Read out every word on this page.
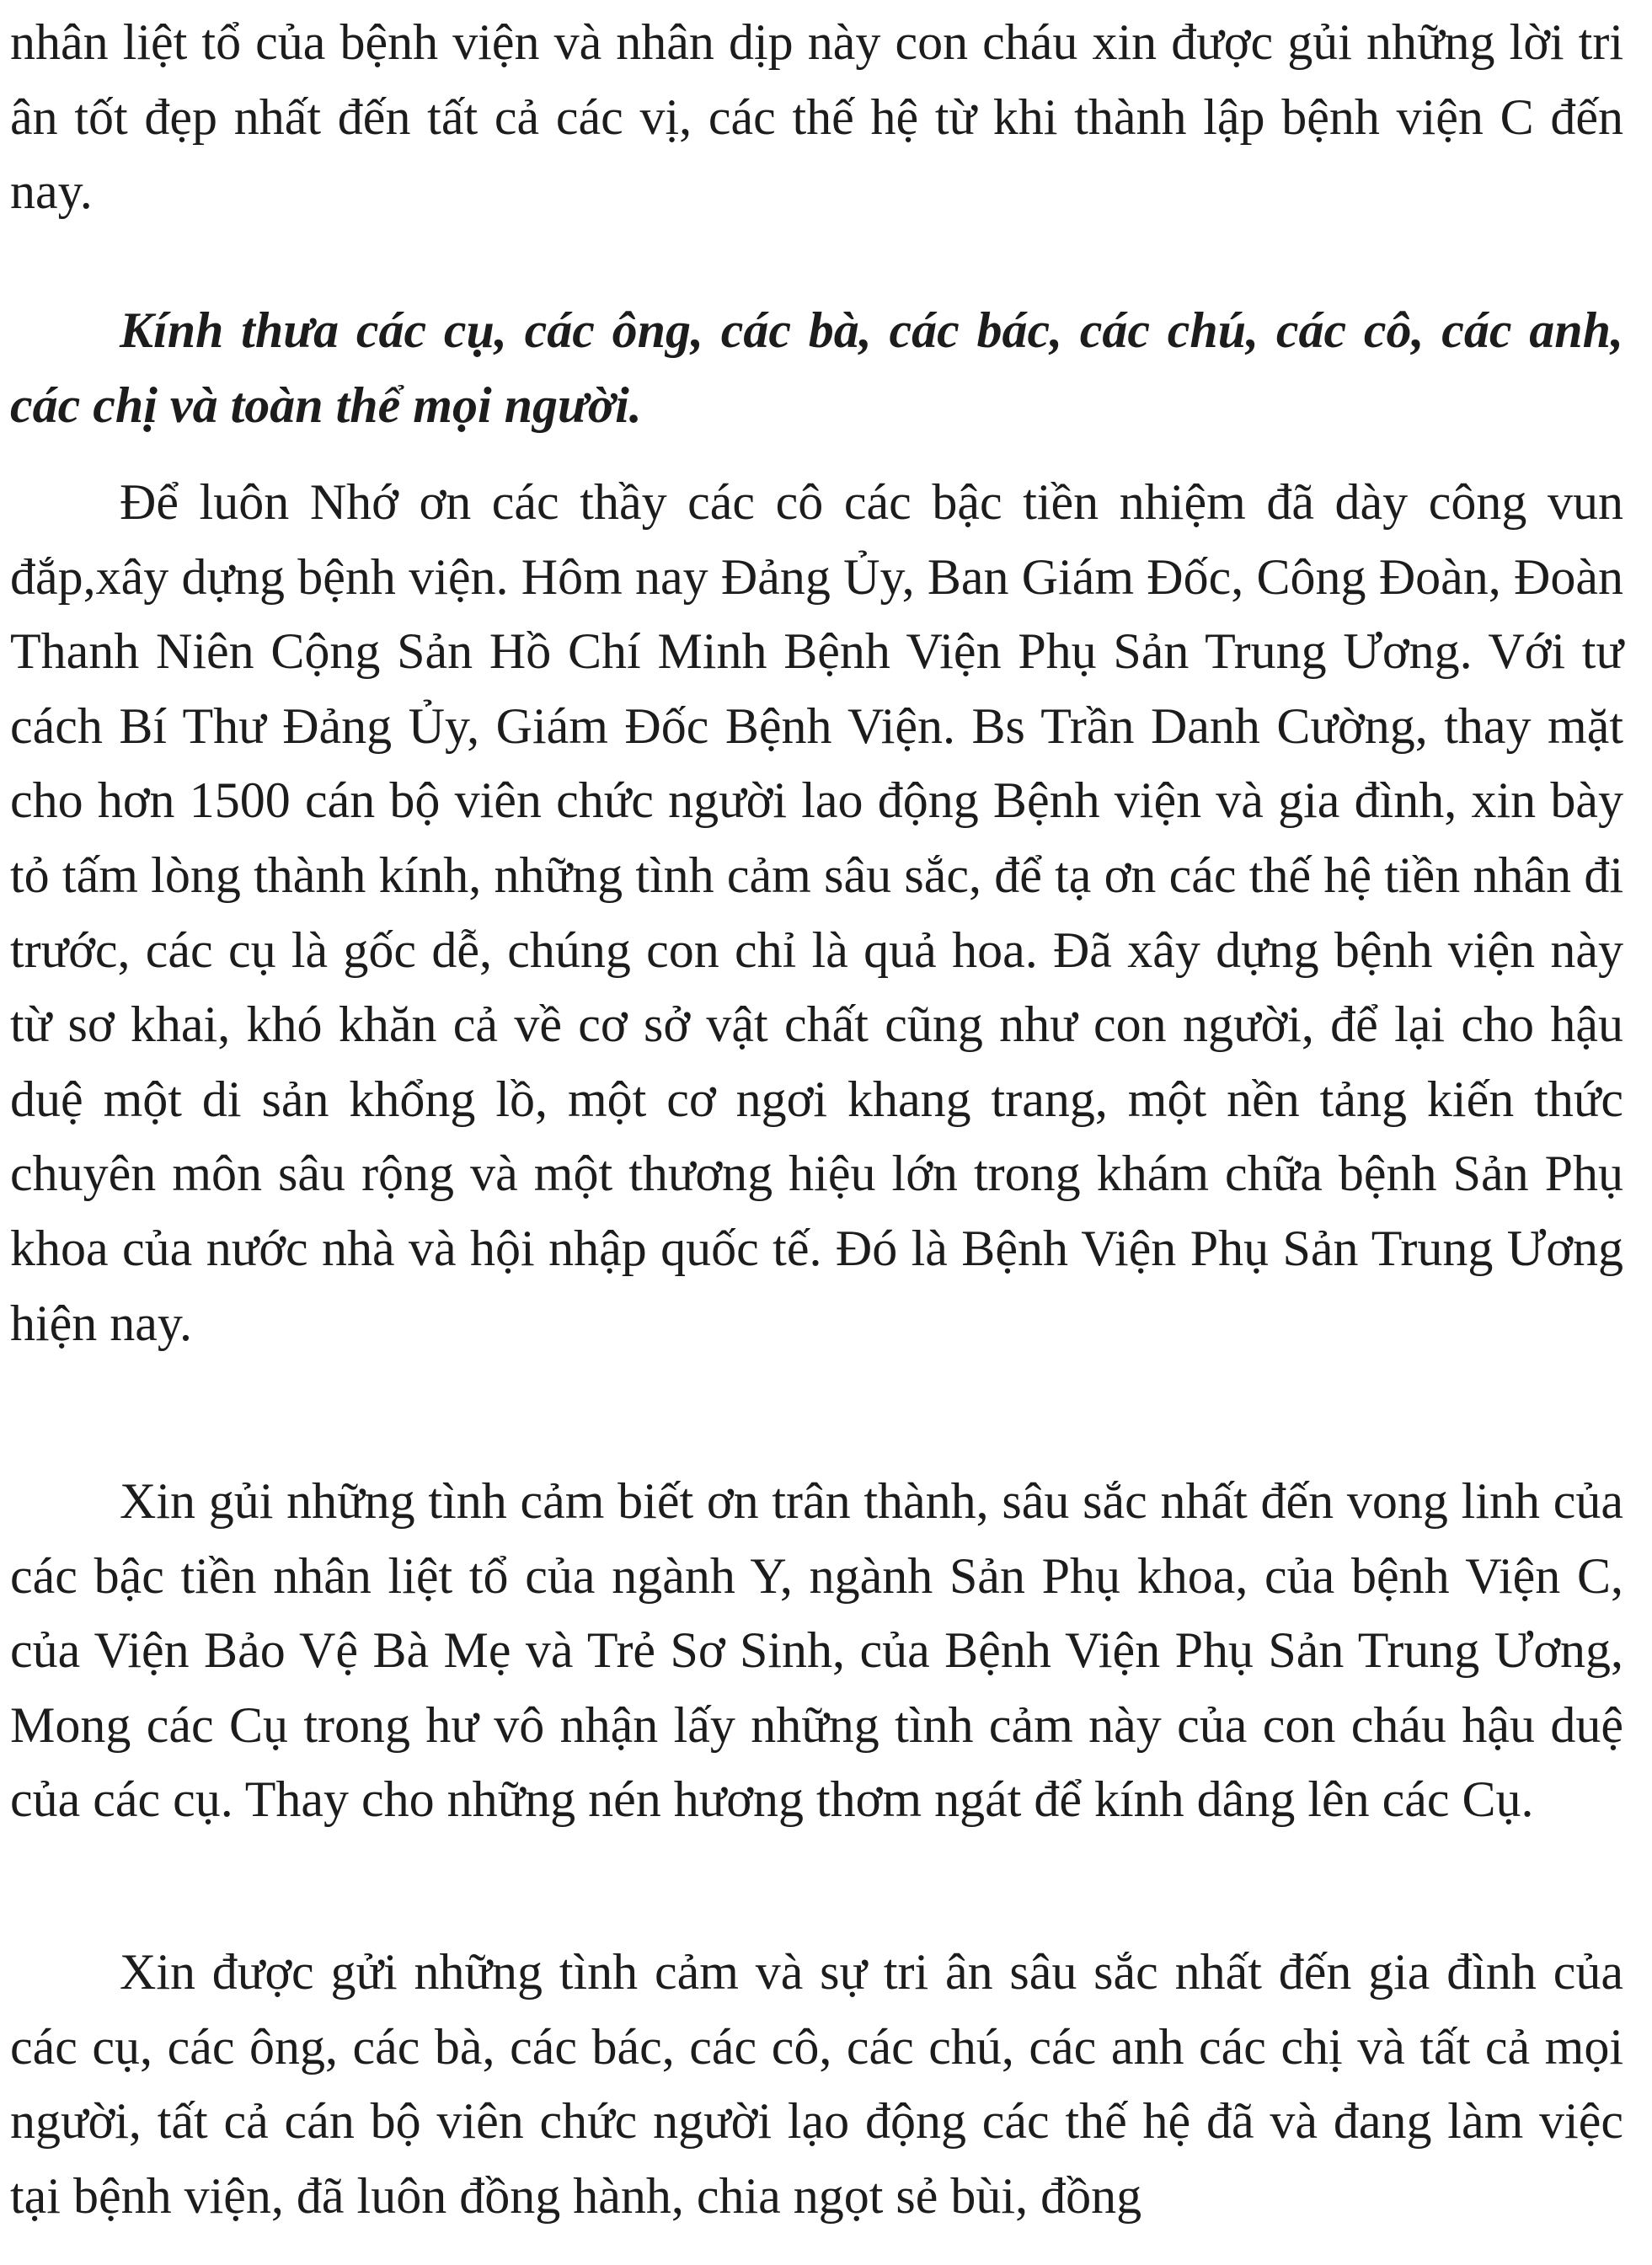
nhân liệt tổ của bệnh viện và nhân dịp này con cháu xin được gủi những lời tri ân tốt đẹp nhất đến tất cả các vị, các thế hệ từ khi thành lập bệnh viện C đến nay.

Kính thưa các cụ, các ông, các bà, các bác, các chú, các cô, các anh, các chị và toàn thể mọi người.

Để luôn Nhớ ơn các thầy các cô các bậc tiền nhiệm đã dày công vun đắp,xây dựng bệnh viện. Hôm nay Đảng Ủy, Ban Giám Đốc, Công Đoàn, Đoàn Thanh Niên Cộng Sản Hồ Chí Minh Bệnh Viện Phụ Sản Trung Ương. Với tư cách Bí Thư Đảng Ủy, Giám Đốc Bệnh Viện. Bs Trần Danh Cường, thay mặt cho hơn 1500 cán bộ viên chức người lao động Bệnh viện và gia đình, xin bày tỏ tấm lòng thành kính, những tình cảm sâu sắc, để tạ ơn các thế hệ tiền nhân đi trước, các cụ là gốc dễ, chúng con chỉ là quả hoa. Đã xây dựng bệnh viện này từ sơ khai, khó khăn cả về cơ sở vật chất cũng như con người, để lại cho hậu duệ một di sản khổng lồ, một cơ ngơi khang trang, một nền tảng kiến thức chuyên môn sâu rộng và một thương hiệu lớn trong khám chữa bệnh Sản Phụ khoa của nước nhà và hội nhập quốc tế. Đó là Bệnh Viện Phụ Sản Trung Ương hiện nay.

Xin gủi những tình cảm biết ơn trân thành, sâu sắc nhất đến vong linh của các bậc tiền nhân liệt tổ của ngành Y, ngành Sản Phụ khoa, của bệnh Viện C, của Viện Bảo Vệ Bà Mẹ và Trẻ Sơ Sinh, của Bệnh Viện Phụ Sản Trung Ương, Mong các Cụ trong hư vô nhận lấy những tình cảm này của con cháu hậu duệ của các cụ. Thay cho những nén hương thơm ngát để kính dâng lên các Cụ.

Xin được gửi những tình cảm và sự tri ân sâu sắc nhất đến gia đình của các cụ, các ông, các bà, các bác, các cô, các chú, các anh các chị và tất cả mọi người, tất cả cán bộ viên chức người lạo động các thế hệ đã và đang làm việc tại bệnh viện, đã luôn đồng hành, chia ngọt sẻ bùi, đồng
